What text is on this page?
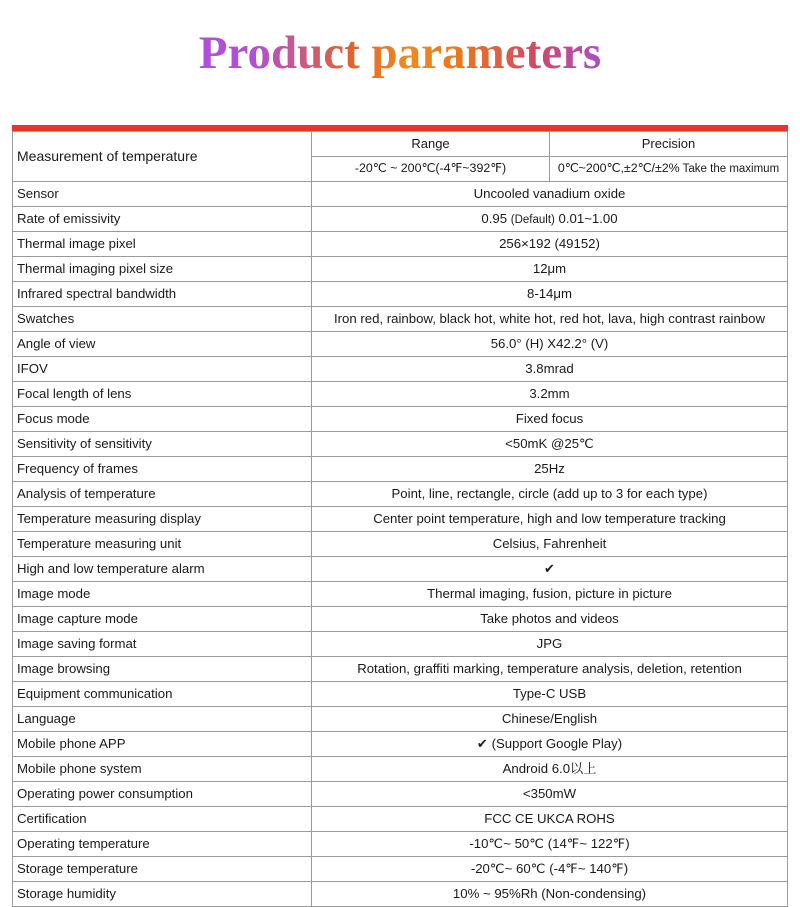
Product parameters
Measurement of temperature	Range	Precision
	-20℃ ~ 200℃(-4℉~392℉)	0℃~200℃,±2℃/±2% Take the maximum
Sensor	Uncooled vanadium oxide	
Rate of emissivity	0.95 (Default) 0.01~1.00	
Thermal image pixel	256×192 (49152)	
Thermal imaging pixel size	12μm	
Infrared spectral bandwidth	8-14μm	
Swatches	Iron red, rainbow, black hot, white hot, red hot, lava, high contrast rainbow	
Angle of view	56.0° (H) X42.2° (V)	
IFOV	3.8mrad	
Focal length of lens	3.2mm	
Focus mode	Fixed focus	
Sensitivity of sensitivity	<50mK @25℃	
Frequency of frames	25Hz	
Analysis of temperature	Point, line, rectangle, circle (add up to 3 for each type)	
Temperature measuring display	Center point temperature, high and low temperature tracking	
Temperature measuring unit	Celsius, Fahrenheit	
High and low temperature alarm	✔	
Image mode	Thermal imaging, fusion, picture in picture	
Image capture mode	Take photos and videos	
Image saving format	JPG	
Image browsing	Rotation, graffiti marking, temperature analysis, deletion, retention	
Equipment communication	Type-C USB	
Language	Chinese/English	
Mobile phone APP	✔ (Support Google Play)	
Mobile phone system	Android 6.0以上	
Operating power consumption	<350mW	
Certification	FCC CE UKCA ROHS	
Operating temperature	-10℃~ 50℃ (14℉~ 122℉)	
Storage temperature	-20℃~ 60℃ (-4℉~ 140℉)	
Storage humidity	10% ~ 95%Rh (Non-condensing)	
